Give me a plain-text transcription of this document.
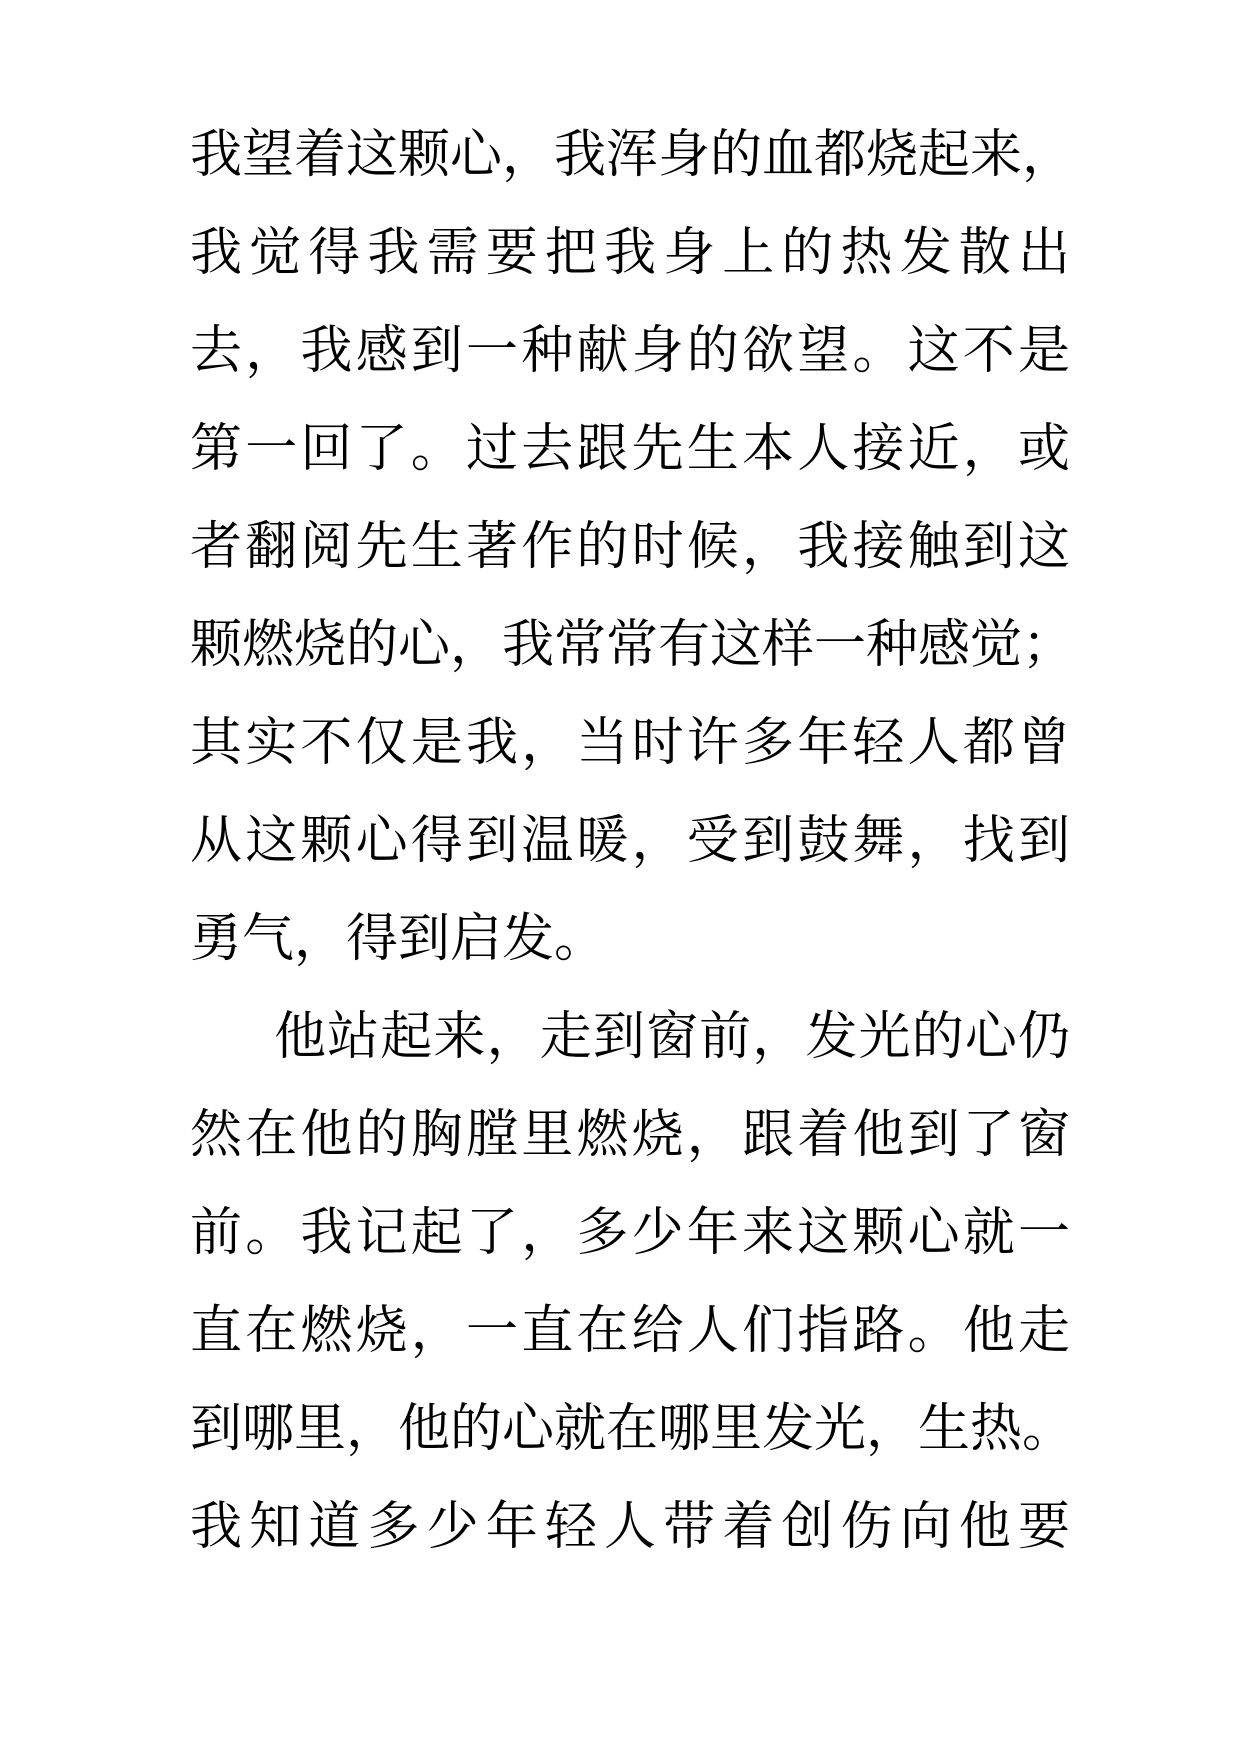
我望着这颗心，我浑身的血都烧起来，
我觉得我需要把我身上的热发散出
去，我感到一种献身的欲望。这不是
第一回了。过去跟先生本人接近，或
者翻阅先生著作的时候，我接触到这
颗燃烧的心，我常常有这样一种感觉；
其实不仅是我，当时许多年轻人都曾
从这颗心得到温暖，受到鼓舞，找到
勇气，得到启发。
他站起来，走到窗前，发光的心仍
然在他的胸膛里燃烧，跟着他到了窗
前。我记起了，多少年来这颗心就一
直在燃烧，一直在给人们指路。他走
到哪里，他的心就在哪里发光，生热。
我知道多少年轻人带着创伤向他要
